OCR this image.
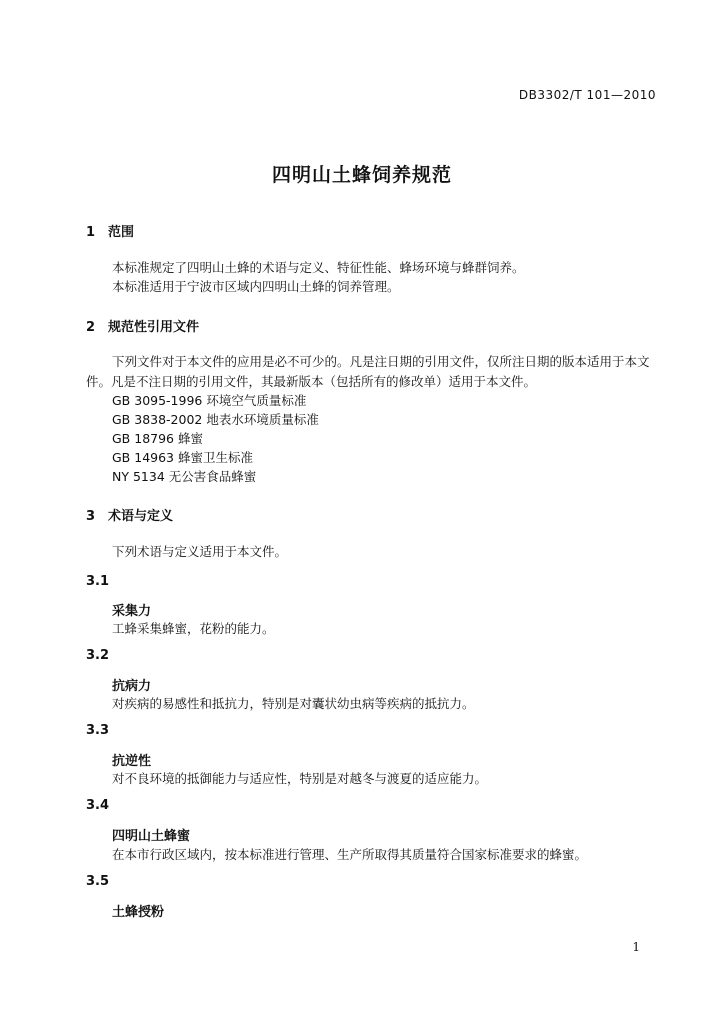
DB3302/T 101—2010
四明山土蜂饲养规范
1 范围
本标准规定了四明山土蜂的术语与定义、特征性能、蜂场环境与蜂群饲养。
本标准适用于宁波市区域内四明山土蜂的饲养管理。
2 规范性引用文件
下列文件对于本文件的应用是必不可少的。凡是注日期的引用文件，仅所注日期的版本适用于本文
件。凡是不注日期的引用文件，其最新版本（包括所有的修改单）适用于本文件。
GB 3095-1996 环境空气质量标准
GB 3838-2002 地表水环境质量标准
GB 18796 蜂蜜
GB 14963 蜂蜜卫生标准
NY 5134 无公害食品蜂蜜
3 术语与定义
下列术语与定义适用于本文件。
3.1
采集力
工蜂采集蜂蜜，花粉的能力。
3.2
抗病力
对疾病的易感性和抵抗力，特别是对囊状幼虫病等疾病的抵抗力。
3.3
抗逆性
对不良环境的抵御能力与适应性，特别是对越冬与渡夏的适应能力。
3.4
四明山土蜂蜜
在本市行政区域内，按本标准进行管理、生产所取得其质量符合国家标准要求的蜂蜜。
3.5
土蜂授粉
1
